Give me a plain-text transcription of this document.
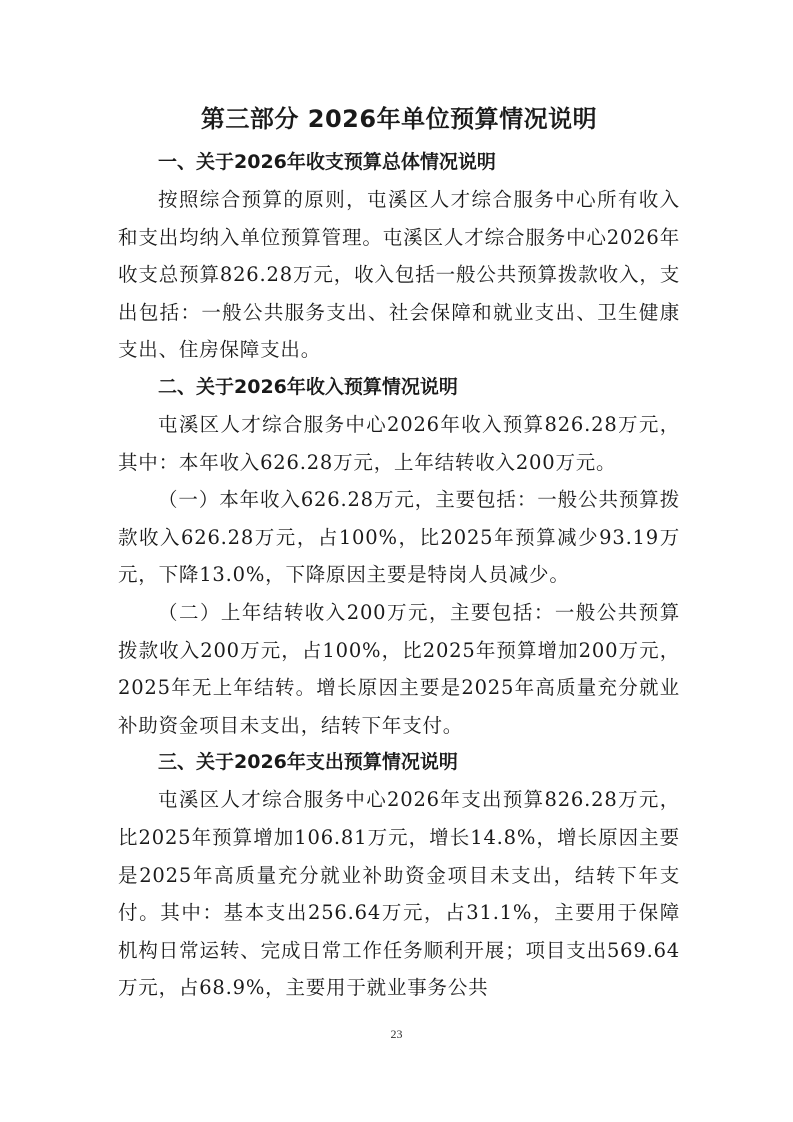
第三部分 2026年单位预算情况说明
一、关于2026年收支预算总体情况说明

按照综合预算的原则，屯溪区人才综合服务中心所有收入和支出均纳入单位预算管理。屯溪区人才综合服务中心2026年收支总预算826.28万元，收入包括一般公共预算拨款收入，支出包括：一般公共服务支出、社会保障和就业支出、卫生健康支出、住房保障支出。

二、关于2026年收入预算情况说明

屯溪区人才综合服务中心2026年收入预算826.28万元，其中：本年收入626.28万元，上年结转收入200万元。

（一）本年收入626.28万元，主要包括：一般公共预算拨款收入626.28万元，占100%，比2025年预算减少93.19万元，下降13.0%，下降原因主要是特岗人员减少。

（二）上年结转收入200万元，主要包括：一般公共预算拨款收入200万元，占100%，比2025年预算增加200万元，2025年无上年结转。增长原因主要是2025年高质量充分就业补助资金项目未支出，结转下年支付。

三、关于2026年支出预算情况说明

屯溪区人才综合服务中心2026年支出预算826.28万元，比2025年预算增加106.81万元，增长14.8%，增长原因主要是2025年高质量充分就业补助资金项目未支出，结转下年支付。其中：基本支出256.64万元，占31.1%，主要用于保障机构日常运转、完成日常工作任务顺利开展；项目支出569.64万元，占68.9%，主要用于就业事务公共

23
